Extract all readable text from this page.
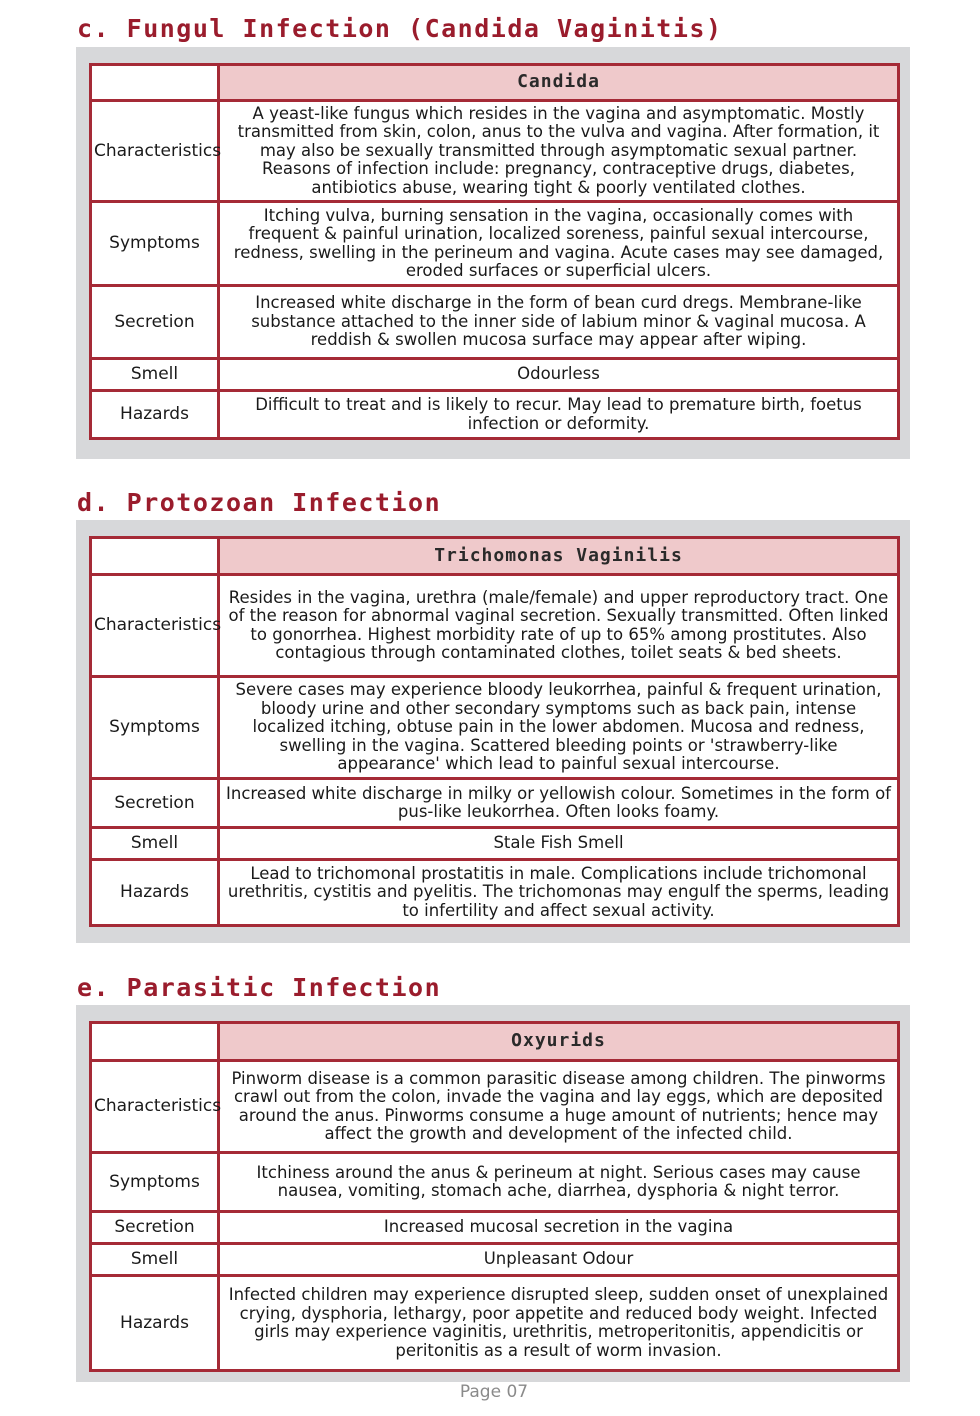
c. Fungul Infection (Candida Vaginitis)
	Candida
Characteristics	A yeast-like fungus which resides in the vagina and asymptomatic. Mostly transmitted from skin, colon, anus to the vulva and vagina. After formation, it may also be sexually transmitted through asymptomatic sexual partner. Reasons of infection include: pregnancy, contraceptive drugs, diabetes, antibiotics abuse, wearing tight & poorly ventilated clothes.
Symptoms	Itching vulva, burning sensation in the vagina, occasionally comes with frequent & painful urination, localized soreness, painful sexual intercourse, redness, swelling in the perineum and vagina. Acute cases may see damaged, eroded surfaces or superficial ulcers.
Secretion	Increased white discharge in the form of bean curd dregs. Membrane-like substance attached to the inner side of labium minor & vaginal mucosa. A reddish & swollen mucosa surface may appear after wiping.
Smell	Odourless
Hazards	Difficult to treat and is likely to recur. May lead to premature birth, foetus infection or deformity.
d. Protozoan Infection
	Trichomonas Vaginilis
Characteristics	Resides in the vagina, urethra (male/female) and upper reproductory tract. One of the reason for abnormal vaginal secretion. Sexually transmitted. Often linked to gonorrhea. Highest morbidity rate of up to 65% among prostitutes. Also contagious through contaminated clothes, toilet seats & bed sheets.
Symptoms	Severe cases may experience bloody leukorrhea, painful & frequent urination, bloody urine and other secondary symptoms such as back pain, intense localized itching, obtuse pain in the lower abdomen. Mucosa and redness, swelling in the vagina. Scattered bleeding points or 'strawberry-like appearance' which lead to painful sexual intercourse.
Secretion	Increased white discharge in milky or yellowish colour. Sometimes in the form of pus-like leukorrhea. Often looks foamy.
Smell	Stale Fish Smell
Hazards	Lead to trichomonal prostatitis in male. Complications include trichomonal urethritis, cystitis and pyelitis. The trichomonas may engulf the sperms, leading to infertility and affect sexual activity.
e. Parasitic Infection
	Oxyurids
Characteristics	Pinworm disease is a common parasitic disease among children. The pinworms crawl out from the colon, invade the vagina and lay eggs, which are deposited around the anus. Pinworms consume a huge amount of nutrients; hence may affect the growth and development of the infected child.
Symptoms	Itchiness around the anus & perineum at night. Serious cases may cause nausea, vomiting, stomach ache, diarrhea, dysphoria & night terror.
Secretion	Increased mucosal secretion in the vagina
Smell	Unpleasant Odour
Hazards	Infected children may experience disrupted sleep, sudden onset of unexplained crying, dysphoria, lethargy, poor appetite and reduced body weight. Infected girls may experience vaginitis, urethritis, metroperitonitis, appendicitis or peritonitis as a result of worm invasion.
Page 07
